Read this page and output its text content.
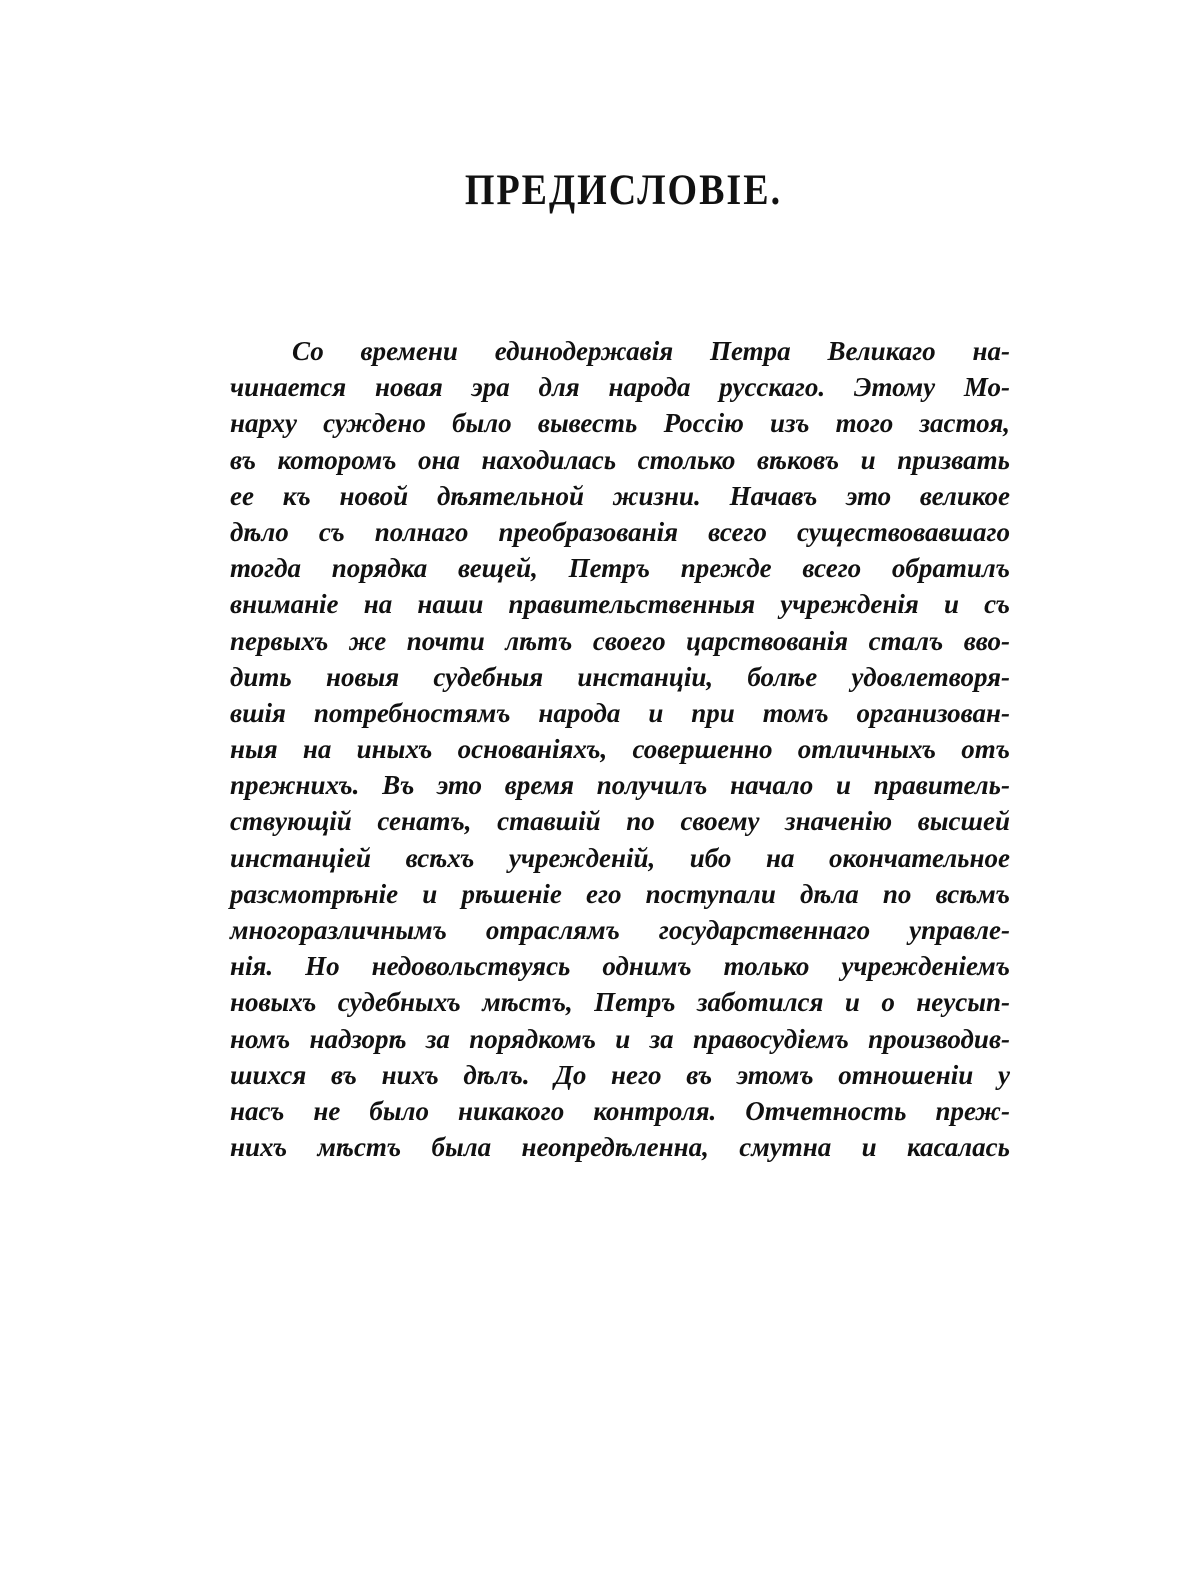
ПРЕДИСЛОВІЕ.
Со времени единодержавія Петра Великаго на-
чинается новая эра для народа русскаго. Этому Мо-
нарху суждено было вывесть Россію изъ того застоя,
въ которомъ она находилась столько вѣковъ и призвать
ее къ новой дѣятельной жизни. Начавъ это великое
дѣло съ полнаго преобразованія всего существовавшаго
тогда порядка вещей, Петръ прежде всего обратилъ
вниманіе на наши правительственныя учрежденія и съ
первыхъ же почти лѣтъ своего царствованія сталъ вво-
дить новыя судебныя инстанціи, болѣе удовлетворя-
вшія потребностямъ народа и при томъ организован-
ныя на иныхъ основаніяхъ, совершенно отличныхъ отъ
прежнихъ. Въ это время получилъ начало и правитель-
ствующій сенатъ, ставшій по своему значенію высшей
инстанціей всѣхъ учрежденій, ибо на окончательное
разсмотрѣніе и рѣшеніе его поступали дѣла по всѣмъ
многоразличнымъ отраслямъ государственнаго управле-
нія. Но недовольствуясь однимъ только учрежденіемъ
новыхъ судебныхъ мѣстъ, Петръ заботился и о неусып-
номъ надзорѣ за порядкомъ и за правосудіемъ производив-
шихся въ нихъ дѣлъ. До него въ этомъ отношеніи у
насъ не было никакого контроля. Отчетность преж-
нихъ мѣстъ была неопредѣленна, смутна и касалась
